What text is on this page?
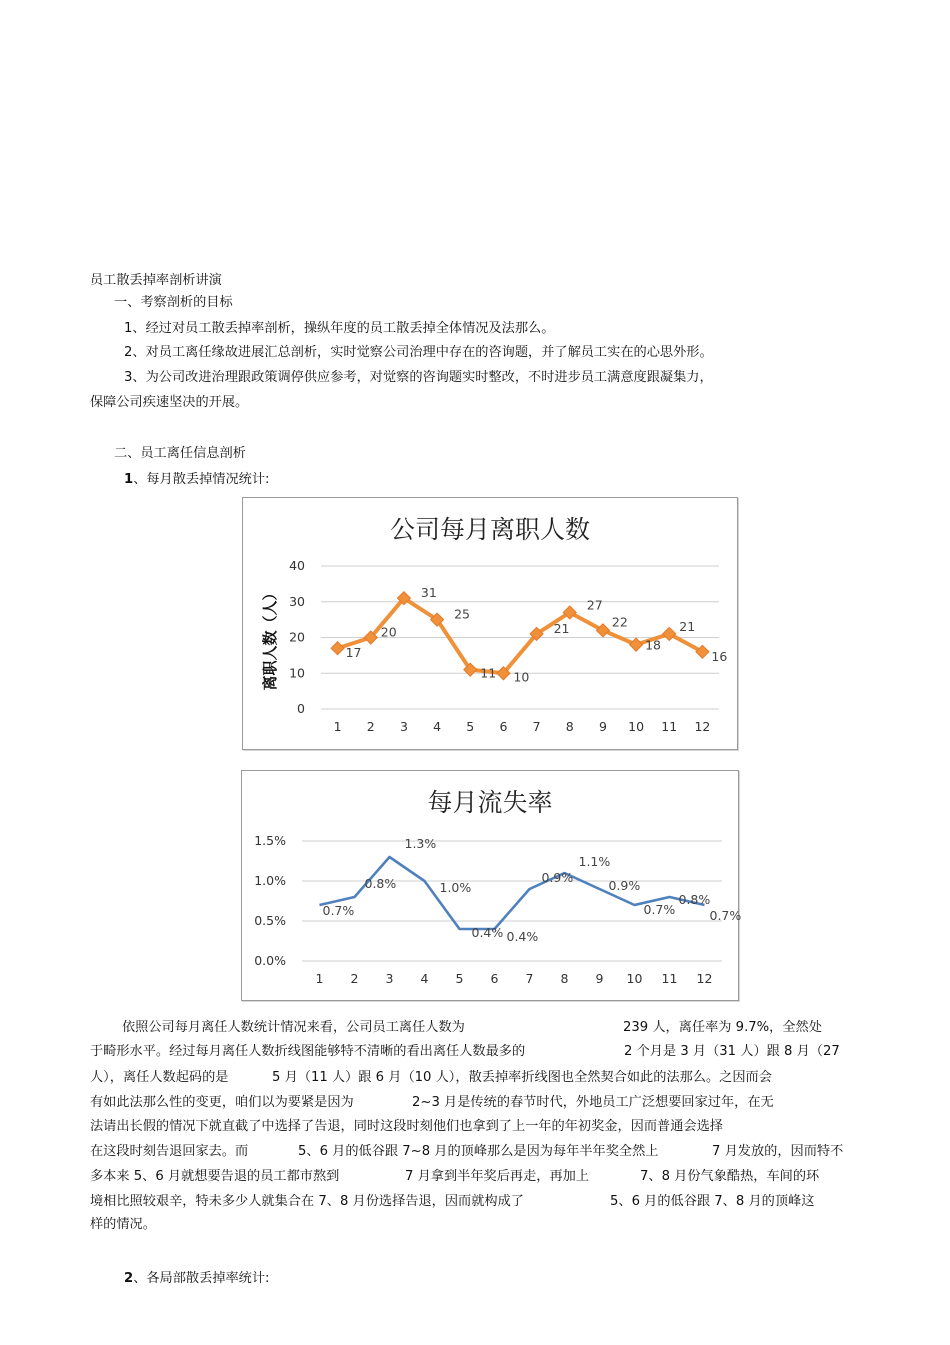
员工散丢掉率剖析讲演
一、考察剖析的目标
1、经过对员工散丢掉率剖析，操纵年度的员工散丢掉全体情况及法那么。
2、对员工离任缘故进展汇总剖析，实时觉察公司治理中存在的咨询题，并了解员工实在的心思外形。
3、为公司改进治理跟政策调停供应参考，对觉察的咨询题实时整改，不时进步员工满意度跟凝集力，
保障公司疾速坚决的开展。
二、员工离任信息剖析
1、每月散丢掉情况统计:
公司每月离职人数
离职人数（人）
0
10
20
30
40
1 2 3 4 5 6 7 8 9 10 11 12
17
20
31
25
11 10
21
27
22
18
21
16
每月流失率
0.0%
0.5%
1.0%
1.5%
1 2 3 4 5 6 7 8 9 10 11 12
0.7%
0.8%
1.3%
1.0%
0.4% 0.4%
0.9%
1.1%
0.9%
0.7%
0.8%
0.7%
依照公司每月离任人数统计情况来看，公司员工离任人数为	239 人，离任率为 9.7%，全然处
于畸形水平。经过每月离任人数折线图能够特不清晰的看出离任人数最多的	2 个月是 3 月（31 人）跟 8 月（27
人），离任人数起码的是	5 月（11 人）跟 6 月（10 人），散丢掉率折线图也全然契合如此的法那么。之因而会
有如此法那么性的变更，咱们以为要紧是因为	2~3 月是传统的春节时代，外地员工广泛想要回家过年，在无
法请出长假的情况下就直截了中选择了告退，同时这段时刻他们也拿到了上一年的年初奖金，因而普通会选择
在这段时刻告退回家去。而	5、6 月的低谷跟 7~8 月的顶峰那么是因为每年半年奖全然上	7 月发放的，因而特不
多本来 5、6 月就想要告退的员工都市熬到	7 月拿到半年奖后再走，再加上	7、8 月份气象酷热，车间的环
境相比照较艰辛，特未多少人就集合在 7、8 月份选择告退，因而就构成了	5、6 月的低谷跟 7、8 月的顶峰这
样的情况。
2、各局部散丢掉率统计:
